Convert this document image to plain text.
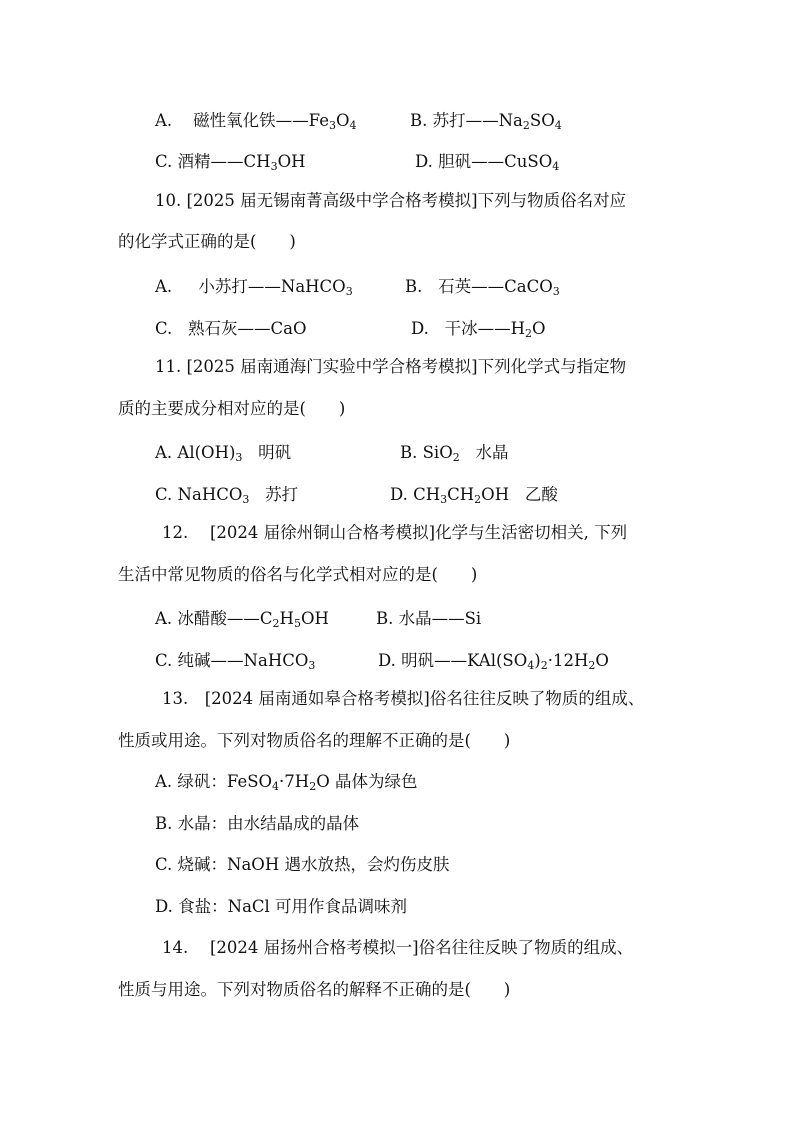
A.    磁性氧化铁$——Fe_3O_4$	B. 苏打$——Na_2SO_4$
C. 酒精$——CH_3OH$	D. 胆矾——CuSO$_4$
10. [2025 届无锡南菁高级中学合格考模拟]下列与物质俗名对应
的化学式正确的是(　　)
A.     小苏打——NaHCO$_3$	B.   石英——CaCO$_3$
C.   熟石灰——CaO	D.   干冰$——H_2O$
11. [2025 届南通海门实验中学合格考模拟]下列化学式与指定物
质的主要成分相对应的是(　　)
A. $Al(OH)_3$   明矾	B. SiO$_2$   水晶
C. NaHCO$_3$   苏打	D. $CH_3CH_2OH$   乙酸
12.　 [2024 届徐州铜山合格考模拟]化学与生活密切相关, 下列
生活中常见物质的俗名与化学式相对应的是(　　)
A. 冰醋酸$——C_2H_5OH$	B. 水晶——Si
C. 纯碱——NaHCO$_3$	D. 明矾$——KAl(SO_4)_2\cdot 12H_2O$
13.　[2024 届南通如皋合格考模拟]俗名往往反映了物质的组成、
性质或用途。下列对物质俗名的理解不正确的是(　　)
A. 绿矾：$FeSO_4\cdot 7H_2O$ 晶体为绿色
B. 水晶：由水结晶成的晶体
C. 烧碱：NaOH 遇水放热，会灼伤皮肤
D. 食盐：NaCl 可用作食品调味剂
14.　 [2024 届扬州合格考模拟一]俗名往往反映了物质的组成、
性质与用途。下列对物质俗名的解释不正确的是(　　)
